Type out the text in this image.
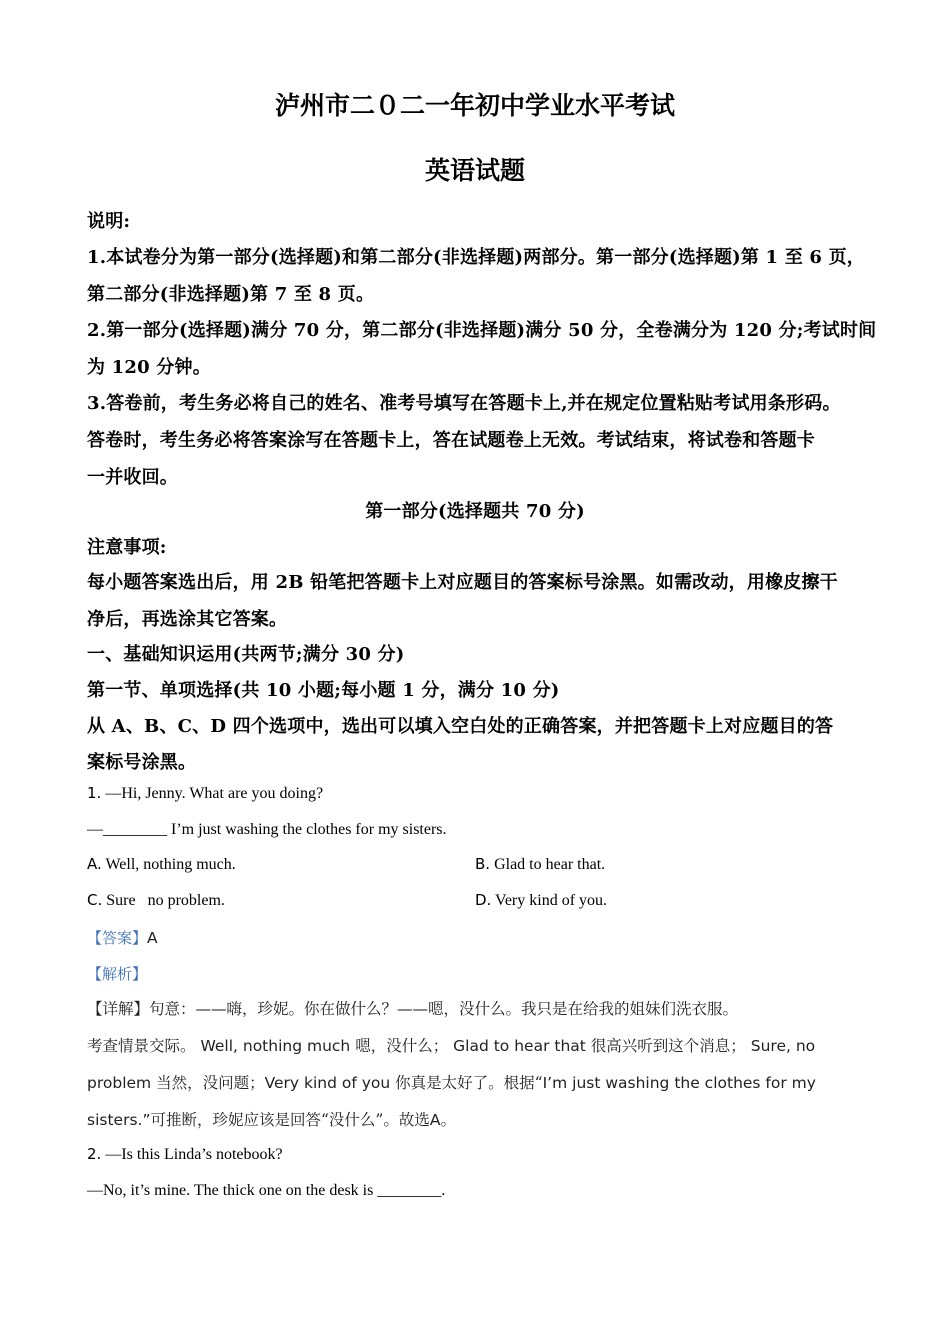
泸州市二０二一年初中学业水平考试
英语试题
说明:
1.本试卷分为第一部分(选择题)和第二部分(非选择题)两部分。第一部分(选择题)第 1 至 6 页，
第二部分(非选择题)第 7 至 8 页。
2.第一部分(选择题)满分 70 分，第二部分(非选择题)满分 50 分，全卷满分为 120 分;考试时间
为 120 分钟。
3.答卷前，考生务必将自己的姓名、准考号填写在答题卡上,并在规定位置粘贴考试用条形码。
答卷时，考生务必将答案涂写在答题卡上，答在试题卷上无效。考试结束，将试卷和答题卡
一并收回。
第一部分(选择题共 70 分)
注意事项:
每小题答案选出后，用 2B 铅笔把答题卡上对应题目的答案标号涂黑。如需改动，用橡皮擦干
净后，再选涂其它答案。
一、基础知识运用(共两节;满分 30 分)
第一节、单项选择(共 10 小题;每小题 1 分，满分 10 分)
从 A、B、C、D 四个选项中，选出可以填入空白处的正确答案，并把答题卡上对应题目的答
案标号涂黑。
1. —Hi, Jenny. What are you doing?
—________ I’m just washing the clothes for my sisters.
A. Well, nothing much.	B. Glad to hear that.
C. Sure   no problem.	D. Very kind of you.
【答案】A
【解析】
【详解】句意：——嗨，珍妮。你在做什么？——嗯，没什么。我只是在给我的姐妹们洗衣服。
考查情景交际。 Well, nothing much 嗯，没什么； Glad to hear that 很高兴听到这个消息； Sure, no
problem 当然，没问题；Very kind of you 你真是太好了。根据“I’m just washing the clothes for my
sisters.”可推断，珍妮应该是回答“没什么”。故选A。
2. —Is this Linda’s notebook?
—No, it’s mine. The thick one on the desk is ________.
